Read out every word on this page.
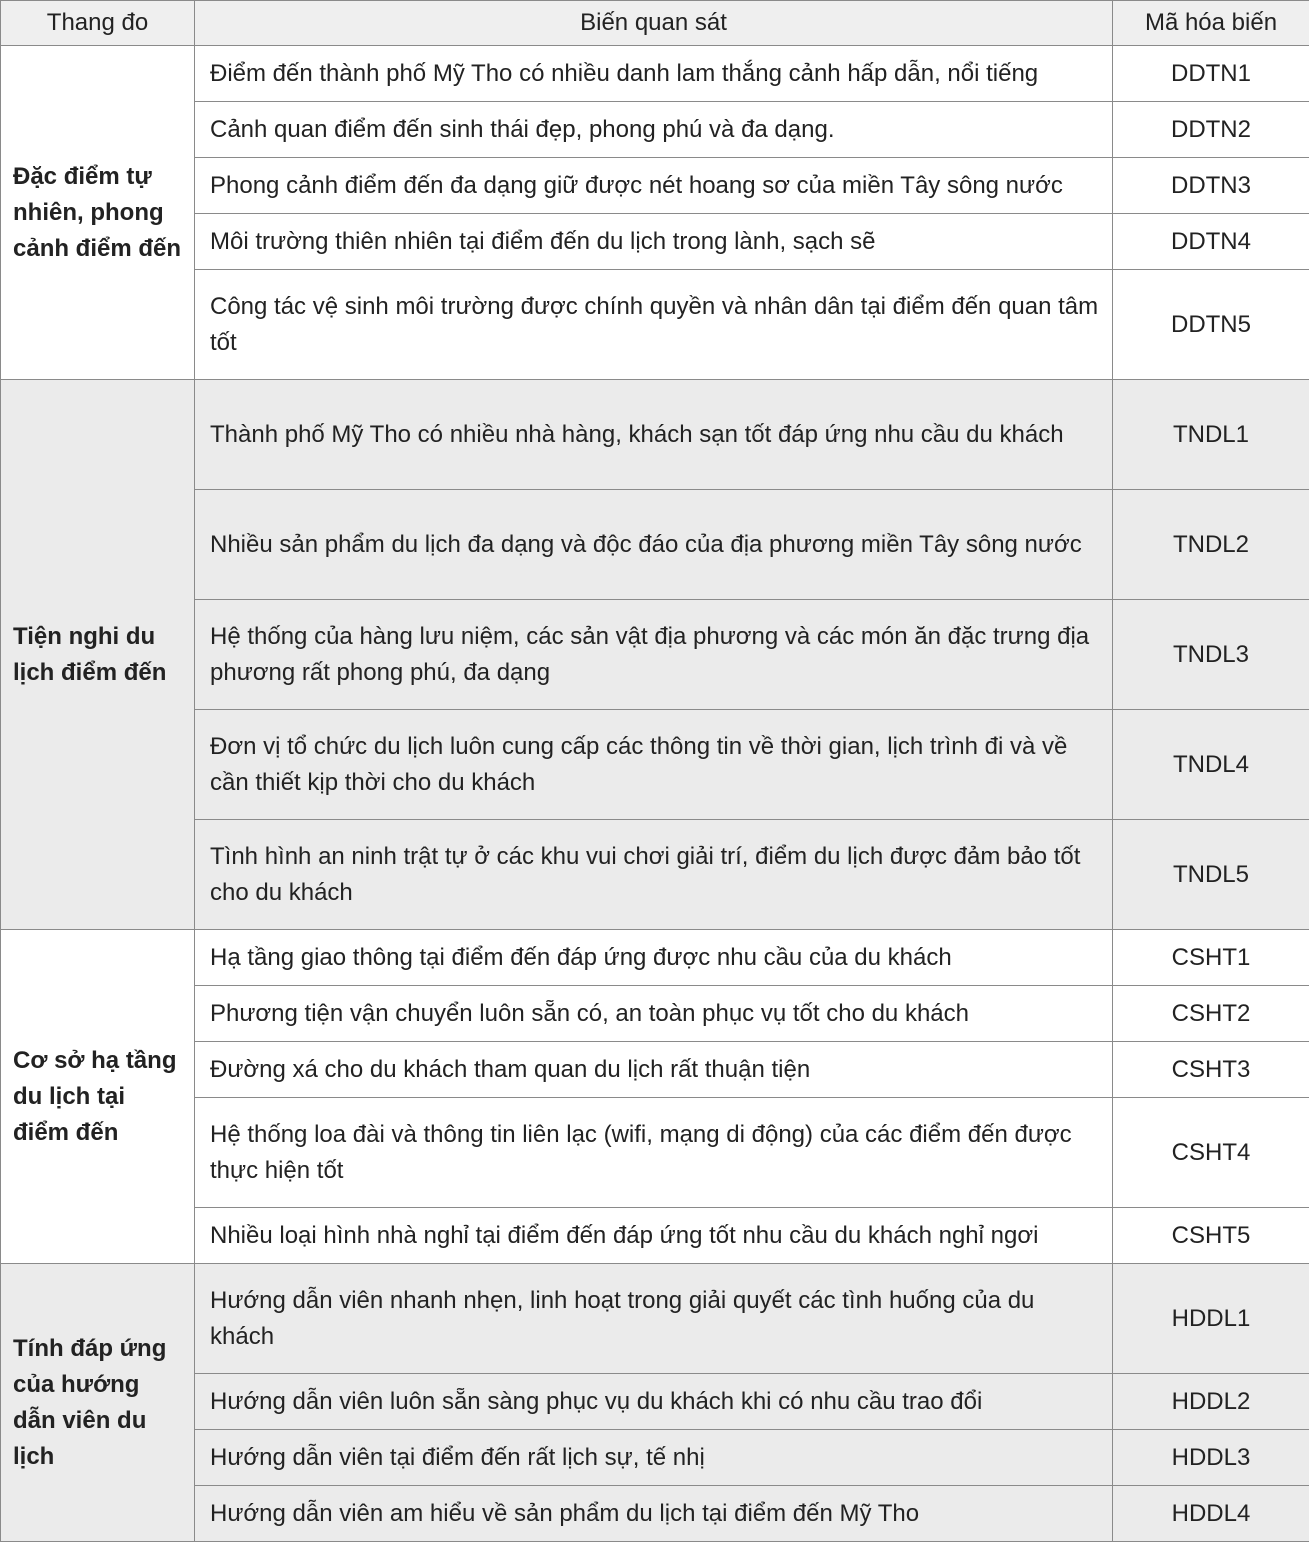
Thang đo	Biến quan sát	Mã hóa biến
Đặc điểm tự nhiên, phong cảnh điểm đến	Điểm đến thành phố Mỹ Tho có nhiều danh lam thắng cảnh hấp dẫn, nổi tiếng	DDTN1
	Cảnh quan điểm đến sinh thái đẹp, phong phú và đa dạng.	DDTN2
	Phong cảnh điểm đến đa dạng giữ được nét hoang sơ của miền Tây sông nước	DDTN3
	Môi trường thiên nhiên tại điểm đến du lịch trong lành, sạch sẽ	DDTN4
	Công tác vệ sinh môi trường được chính quyền và nhân dân tại điểm đến quan tâm tốt	DDTN5
Tiện nghi du lịch điểm đến	Thành phố Mỹ Tho có nhiều nhà hàng, khách sạn tốt đáp ứng nhu cầu du khách	TNDL1
	Nhiều sản phẩm du lịch đa dạng và độc đáo của địa phương miền Tây sông nước	TNDL2
	Hệ thống của hàng lưu niệm, các sản vật địa phương và các món ăn đặc trưng địa phương rất phong phú, đa dạng	TNDL3
	Đơn vị tổ chức du lịch luôn cung cấp các thông tin về thời gian, lịch trình đi và về cần thiết kịp thời cho du khách	TNDL4
	Tình hình an ninh trật tự ở các khu vui chơi giải trí, điểm du lịch được đảm bảo tốt cho du khách	TNDL5
Cơ sở hạ tầng du lịch tại điểm đến	Hạ tầng giao thông tại điểm đến đáp ứng được nhu cầu của du khách	CSHT1
	Phương tiện vận chuyển luôn sẵn có, an toàn phục vụ tốt cho du khách	CSHT2
	Đường xá cho du khách tham quan du lịch rất thuận tiện	CSHT3
	Hệ thống loa đài và thông tin liên lạc (wifi, mạng di động) của các điểm đến được thực hiện tốt	CSHT4
	Nhiều loại hình nhà nghỉ tại điểm đến đáp ứng tốt nhu cầu du khách nghỉ ngơi	CSHT5
Tính đáp ứng của hướng dẫn viên du lịch	Hướng dẫn viên nhanh nhẹn, linh hoạt trong giải quyết các tình huống của du khách	HDDL1
	Hướng dẫn viên luôn sẵn sàng phục vụ du khách khi có nhu cầu trao đổi	HDDL2
	Hướng dẫn viên tại điểm đến rất lịch sự, tế nhị	HDDL3
	Hướng dẫn viên am hiểu về sản phẩm du lịch tại điểm đến Mỹ Tho	HDDL4
